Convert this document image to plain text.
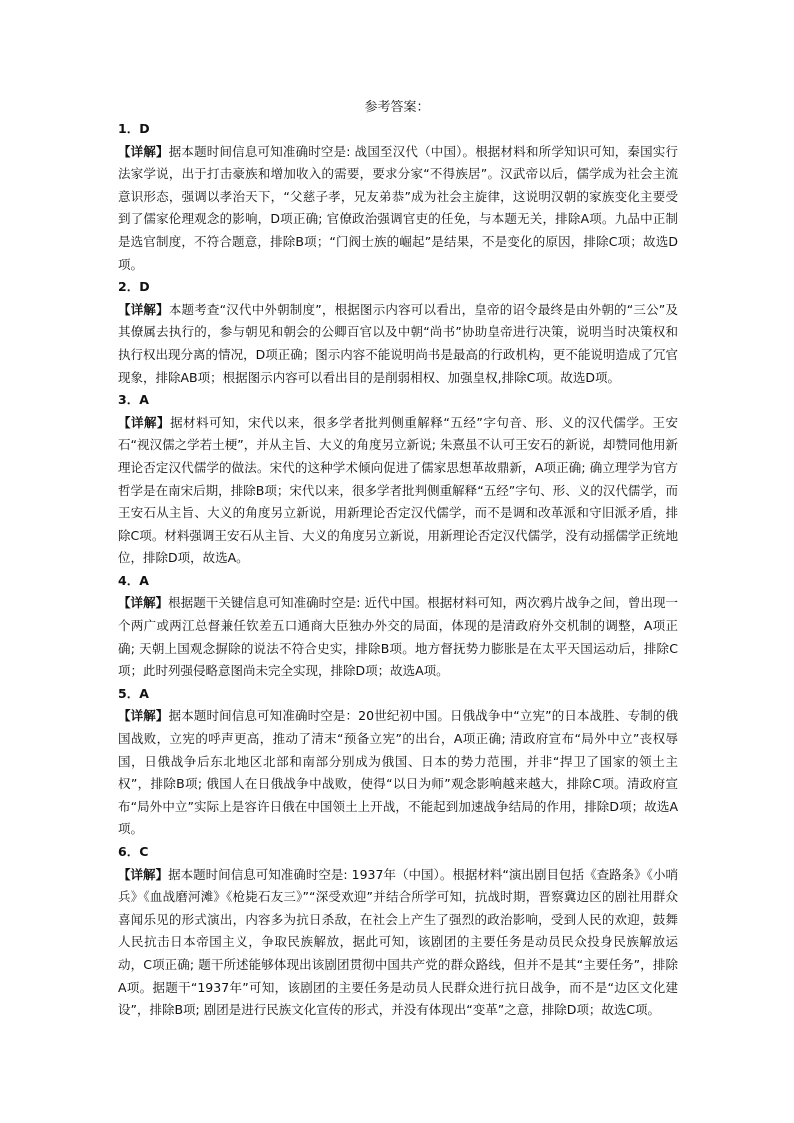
参考答案：
1．D

【详解】据本题时间信息可知准确时空是: 战国至汉代（中国）。根据材料和所学知识可知，秦国实行法家学说，出于打击豪族和增加收入的需要，要求分家“不得族居”。汉武帝以后，儒学成为社会主流意识形态，强调以孝治天下，“父慈子孝，兄友弟恭”成为社会主旋律，这说明汉朝的家族变化主要受到了儒家伦理观念的影响，D项正确; 官僚政治强调官吏的任免，与本题无关，排除A项。九品中正制是选官制度，不符合题意，排除B项；“门阀士族的崛起”是结果，不是变化的原因，排除C项；故选D项。

2．D

【详解】本题考查“汉代中外朝制度”，根据图示内容可以看出，皇帝的诏令最终是由外朝的“三公”及其僚属去执行的，参与朝见和朝会的公卿百官以及中朝“尚书”协助皇帝进行决策，说明当时决策权和执行权出现分离的情况，D项正确；图示内容不能说明尚书是最高的行政机构，更不能说明造成了冗官现象，排除AB项；根据图示内容可以看出目的是削弱相权、加强皇权,排除C项。故选D项。

3．A

【详解】据材料可知，宋代以来，很多学者批判侧重解释“五经”字句音、形、义的汉代儒学。王安石“视汉儒之学若土梗”，并从主旨、大义的角度另立新说; 朱熹虽不认可王安石的新说，却赞同他用新理论否定汉代儒学的做法。宋代的这种学术倾向促进了儒家思想革故鼎新，A项正确; 确立理学为官方哲学是在南宋后期，排除B项；宋代以来，很多学者批判侧重解释“五经”字句、形、义的汉代儒学，而王安石从主旨、大义的角度另立新说，用新理论否定汉代儒学，而不是调和改革派和守旧派矛盾，排除C项。材料强调王安石从主旨、大义的角度另立新说，用新理论否定汉代儒学，没有动摇儒学正统地位，排除D项，故选A。

4．A

【详解】根据题干关键信息可知准确时空是: 近代中国。根据材料可知，两次鸦片战争之间，曾出现一个两广或两江总督兼任钦差五口通商大臣独办外交的局面，体现的是清政府外交机制的调整，A项正确; 天朝上国观念摒除的说法不符合史实，排除B项。地方督抚势力膨胀是在太平天国运动后，排除C项；此时列强侵略意图尚未完全实现，排除D项；故选A项。

5．A

【详解】据本题时间信息可知准确时空是：20世纪初中国。日俄战争中“立宪”的日本战胜、专制的俄国战败，立宪的呼声更高，推动了清末“预备立宪”的出台，A项正确; 清政府宣布“局外中立”丧权辱国，日俄战争后东北地区北部和南部分别成为俄国、日本的势力范围，并非“捍卫了国家的领土主权”，排除B项; 俄国人在日俄战争中战败，使得“以日为师”观念影响越来越大，排除C项。清政府宣布“局外中立”实际上是容许日俄在中国领土上开战，不能起到加速战争结局的作用，排除D项；故选A项。

6．C

【详解】据本题时间信息可知准确时空是: 1937年（中国）。根据材料“演出剧目包括《查路条》《小哨兵》《血战磨河滩》《枪毙石友三》”“深受欢迎”并结合所学可知，抗战时期，晋察冀边区的剧社用群众喜闻乐见的形式演出，内容多为抗日杀敌，在社会上产生了强烈的政治影响，受到人民的欢迎，鼓舞人民抗击日本帝国主义，争取民族解放，据此可知，该剧团的主要任务是动员民众投身民族解放运动，C项正确; 题干所述能够体现出该剧团贯彻中国共产党的群众路线，但并不是其“主要任务”，排除A项。据题干“1937年”可知，该剧团的主要任务是动员人民群众进行抗日战争，而不是“边区文化建设”，排除B项; 剧团是进行民族文化宣传的形式，并没有体现出“变革”之意，排除D项；故选C项。
